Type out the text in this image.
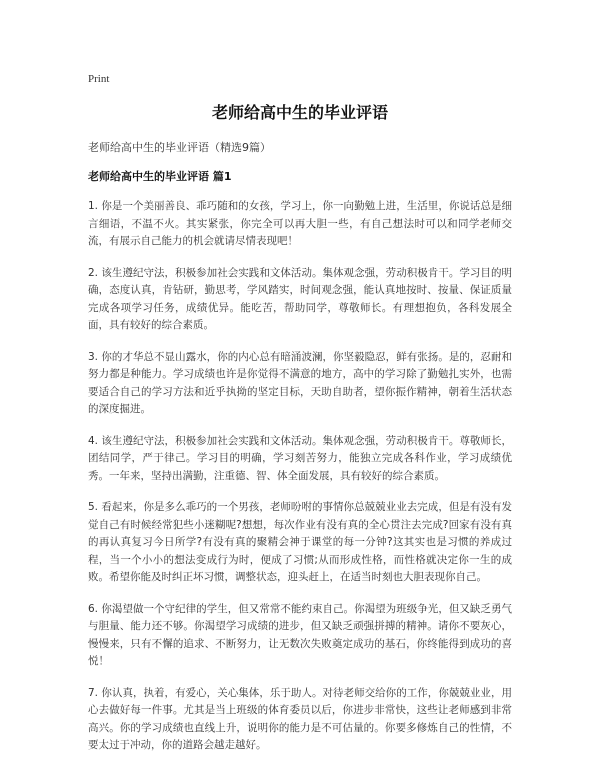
Print
老师给高中生的毕业评语
老师给高中生的毕业评语（精选9篇）
老师给高中生的毕业评语 篇1

1. 你是一个美丽善良、乖巧随和的女孩，学习上，你一向勤勉上进，生活里，你说话总是细言细语，不温不火。其实紧张，你完全可以再大胆一些，有自己想法时可以和同学老师交流，有展示自己能力的机会就请尽情表现吧！

2. 该生遵纪守法，积极参加社会实践和文体活动。集体观念强，劳动积极肯干。学习目的明确，态度认真，肯钻研，勤思考，学风踏实，时间观念强，能认真地按时、按量、保证质量完成各项学习任务，成绩优异。能吃苦，帮助同学，尊敬师长。有理想抱负，各科发展全面，具有较好的综合素质。

3. 你的才华总不显山露水，你的内心总有暗涌波澜，你坚毅隐忍，鲜有张扬。是的，忍耐和努力都是种能力。学习成绩也许是你觉得不满意的地方，高中的学习除了勤勉扎实外，也需要适合自己的学习方法和近乎执拗的坚定目标，天助自助者，望你振作精神，朝着生活状态的深度掘进。

4. 该生遵纪守法，积极参加社会实践和文体活动。集体观念强，劳动积极肯干。尊敬师长，团结同学，严于律己。学习目的明确，学习刻苦努力，能独立完成各科作业，学习成绩优秀。一年来，坚持出满勤，注重德、智、体全面发展，具有较好的综合素质。

5. 看起来，你是多么乖巧的一个男孩，老师吩咐的事情你总兢兢业业去完成，但是有没有发觉自己有时候经常犯些小迷糊呢?想想，每次作业有没有真的全心贯注去完成?回家有没有真的再认真复习今日所学?有没有真的聚精会神于课堂的每一分钟?这其实也是习惯的养成过程，当一个小小的想法变成行为时，便成了习惯;从而形成性格，而性格就决定你一生的成败。希望你能及时纠正坏习惯，调整状态，迎头赶上，在适当时刻也大胆表现你自己。

6. 你渴望做一个守纪律的学生，但又常常不能约束自己。你渴望为班级争光，但又缺乏勇气与胆量、能力还不够。你渴望学习成绩的进步，但又缺乏顽强拼搏的精神。请你不要灰心，慢慢来，只有不懈的追求、不断努力，让无数次失败奠定成功的基石，你终能得到成功的喜悦！

7. 你认真，执着，有爱心，关心集体，乐于助人。对待老师交给你的工作，你兢兢业业，用心去做好每一件事。尤其是当上班级的体育委员以后，你进步非常快，这些让老师感到非常高兴。你的学习成绩也直线上升，说明你的能力是不可估量的。你要多修炼自己的性情，不要太过于冲动，你的道路会越走越好。
